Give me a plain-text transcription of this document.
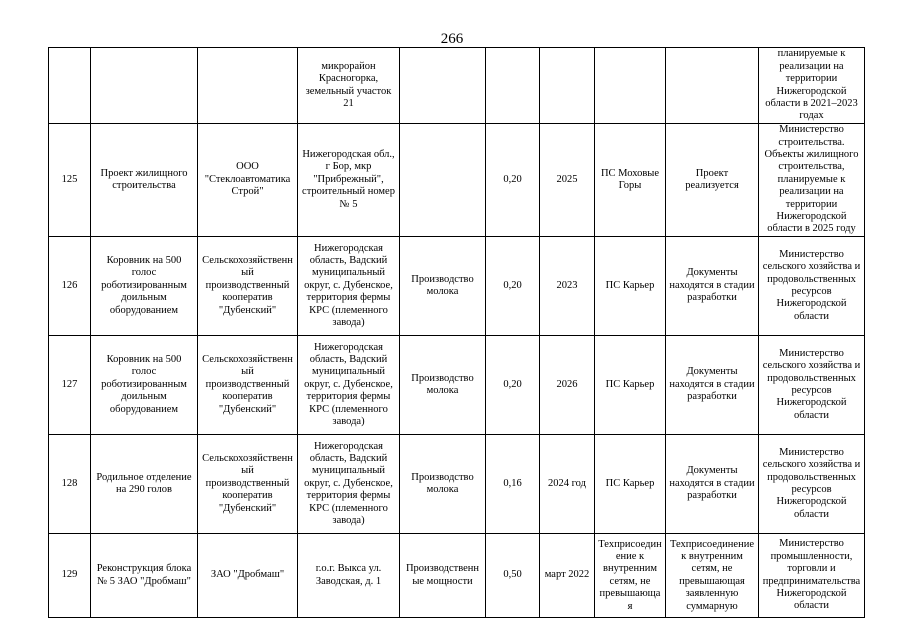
266
			микрорайон Красногорка, земельный участок 21						планируемые к реализации на территории Нижегородской области в 2021–2023 годах
125	Проект жилищного строительства	ООО "Стеклоавтоматика Строй"	Нижегородская обл., г Бор, мкр "Прибрежный", строительный номер № 5		0,20	2025	ПС Моховые Горы	Проект реализуется	Министерство строительства. Объекты жилищного строительства, планируемые к реализации на территории Нижегородской области в 2025 году
126	Коровник на 500 голос роботизированным доильным оборудованием	Сельскохозяйственный производственный кооператив "Дубенский"	Нижегородская область, Вадский муниципальный округ, с. Дубенское, территория фермы КРС (племенного завода)	Производство молока	0,20	2023	ПС Карьер	Документы находятся в стадии разработки	Министерство сельского хозяйства и продовольственных ресурсов Нижегородской области
127	Коровник на 500 голос роботизированным доильным оборудованием	Сельскохозяйственный производственный кооператив "Дубенский"	Нижегородская область, Вадский муниципальный округ, с. Дубенское, территория фермы КРС (племенного завода)	Производство молока	0,20	2026	ПС Карьер	Документы находятся в стадии разработки	Министерство сельского хозяйства и продовольственных ресурсов Нижегородской области
128	Родильное отделение на 290 голов	Сельскохозяйственный производственный кооператив "Дубенский"	Нижегородская область, Вадский муниципальный округ, с. Дубенское, территория фермы КРС (племенного завода)	Производство молока	0,16	2024 год	ПС Карьер	Документы находятся в стадии разработки	Министерство сельского хозяйства и продовольственных ресурсов Нижегородской области
129	Реконструкция блока № 5 ЗАО "Дробмаш"	ЗАО "Дробмаш"	г.о.г. Выкса ул. Заводская, д. 1	Производственные мощности	0,50	март 2022	Техприсоединение к внутренним сетям, не превышающая	Техприсоединение к внутренним сетям, не превышающая заявленную суммарную	Министерство промышленности, торговли и предпринимательства Нижегородской области
